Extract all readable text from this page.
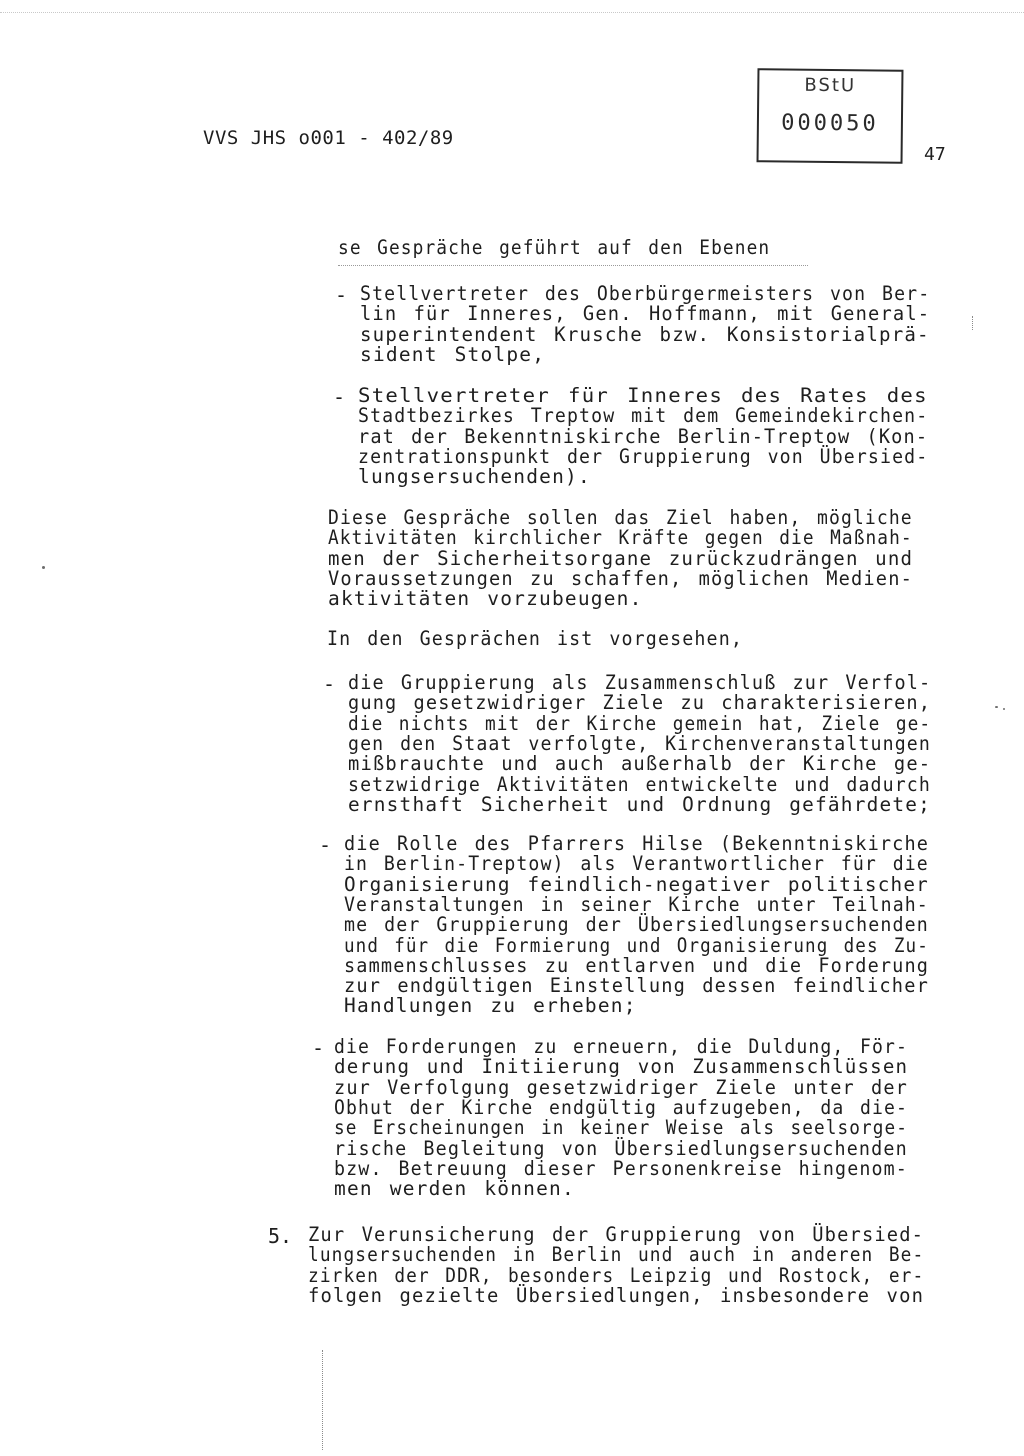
VVS JHS o001 - 402/89
BStU
000050
47
se Gespräche geführt auf den Ebenen
- Stellvertreter des Oberbürgermeisters von Ber-
lin für Inneres, Gen. Hoffmann, mit General-
superintendent Krusche bzw. Konsistorialprä-
sident Stolpe,
- Stellvertreter für Inneres des Rates des
Stadtbezirkes Treptow mit dem Gemeindekirchen-
rat der Bekenntniskirche Berlin-Treptow (Kon-
zentrationspunkt der Gruppierung von Übersied-
lungsersuchenden).
Diese Gespräche sollen das Ziel haben, mögliche
Aktivitäten kirchlicher Kräfte gegen die Maßnah-
men der Sicherheitsorgane zurückzudrängen und
Voraussetzungen zu schaffen, möglichen Medien-
aktivitäten vorzubeugen.
In den Gesprächen ist vorgesehen,
- die Gruppierung als Zusammenschluß zur Verfol-
gung gesetzwidriger Ziele zu charakterisieren,
die nichts mit der Kirche gemein hat, Ziele ge-
gen den Staat verfolgte, Kirchenveranstaltungen
mißbrauchte und auch außerhalb der Kirche ge-
setzwidrige Aktivitäten entwickelte und dadurch
ernsthaft Sicherheit und Ordnung gefährdete;
- die Rolle des Pfarrers Hilse (Bekenntniskirche
in Berlin-Treptow) als Verantwortlicher für die
Organisierung feindlich-negativer politischer
Veranstaltungen in seiner Kirche unter Teilnah-
me der Gruppierung der Übersiedlungsersuchenden
und für die Formierung und Organisierung des Zu-
sammenschlusses zu entlarven und die Forderung
zur endgültigen Einstellung dessen feindlicher
Handlungen zu erheben;
- die Forderungen zu erneuern, die Duldung, För-
derung und Initiierung von Zusammenschlüssen
zur Verfolgung gesetzwidriger Ziele unter der
Obhut der Kirche endgültig aufzugeben, da die-
se Erscheinungen in keiner Weise als seelsorge-
rische Begleitung von Übersiedlungsersuchenden
bzw. Betreuung dieser Personenkreise hingenom-
men werden können.
5. Zur Verunsicherung der Gruppierung von Übersied-
lungsersuchenden in Berlin und auch in anderen Be-
zirken der DDR, besonders Leipzig und Rostock, er-
folgen gezielte Übersiedlungen, insbesondere von
